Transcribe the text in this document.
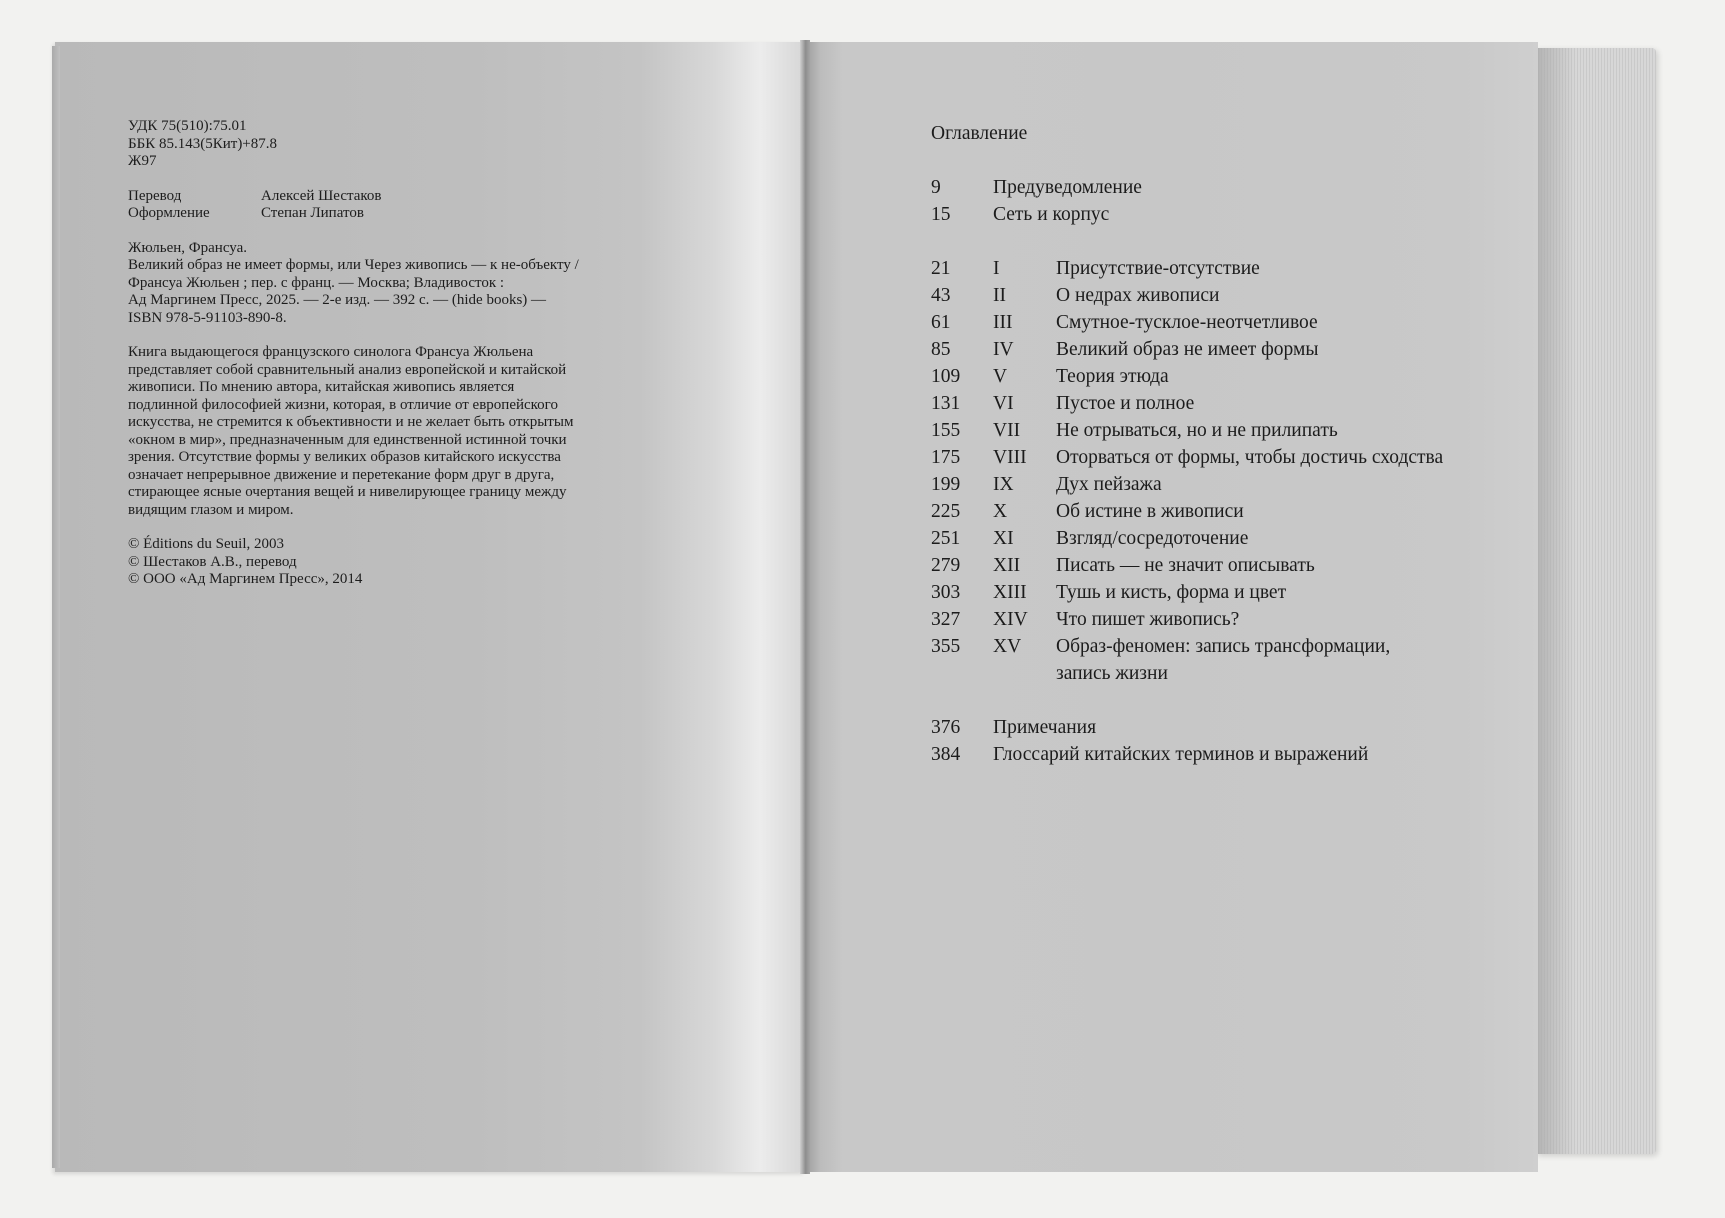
УДК 75(510):75.01
ББК 85.143(5Кит)+87.8
Ж97
Перевод	Алексей Шестаков
Оформление	Степан Липатов
Жюльен, Франсуа.
Великий образ не имеет формы, или Через живопись — к не-объекту /
Франсуа Жюльен ; пер. с франц. — Москва; Владивосток :
Ад Маргинем Пресс, 2025. — 2-е изд. — 392 с. — (hide books) —
ISBN 978-5-91103-890-8.
Книга выдающегося французского синолога Франсуа Жюльена
представляет собой сравнительный анализ европейской и китайской
живописи. По мнению автора, китайская живопись является
подлинной философией жизни, которая, в отличие от европейского
искусства, не стремится к объективности и не желает быть открытым
«окном в мир», предназначенным для единственной истинной точки
зрения. Отсутствие формы у великих образов китайского искусства
означает непрерывное движение и перетекание форм друг в друга,
стирающее ясные очертания вещей и нивелирующее границу между
видящим глазом и миром.
© Éditions du Seuil, 2003
© Шестаков А.В., перевод
© ООО «Ад Маргинем Пресс», 2014
Оглавление
9	Предуведомление
15	Сеть и корпус
21	I	Присутствие-отсутствие
43	II	О недрах живописи
61	III	Смутное-тусклое-неотчетливое
85	IV	Великий образ не имеет формы
109	V	Теория этюда
131	VI	Пустое и полное
155	VII	Не отрываться, но и не прилипать
175	VIII	Оторваться от формы, чтобы достичь сходства
199	IX	Дух пейзажа
225	X	Об истине в живописи
251	XI	Взгляд/сосредоточение
279	XII	Писать — не значит описывать
303	XIII	Тушь и кисть, форма и цвет
327	XIV	Что пишет живопись?
355	XV	Образ-феномен: запись трансформации,
запись жизни
376	Примечания
384	Глоссарий китайских терминов и выражений
